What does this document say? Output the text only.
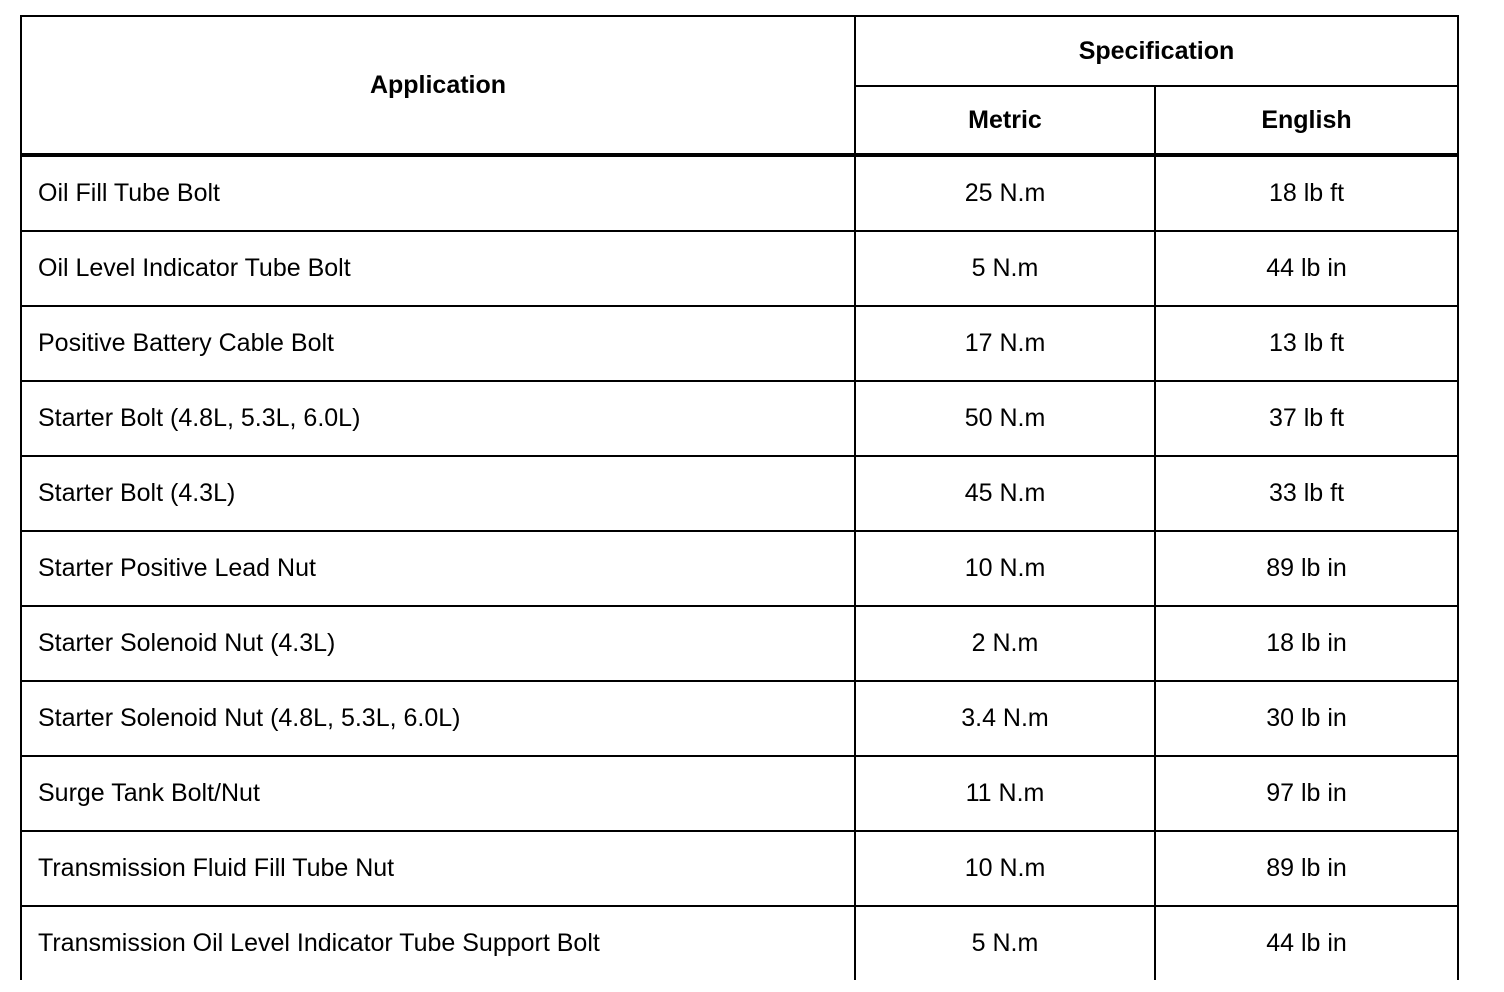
Application	Specification	
	Metric	English
Oil Fill Tube Bolt	25 N.m	18 lb ft
Oil Level Indicator Tube Bolt	5 N.m	44 lb in
Positive Battery Cable Bolt	17 N.m	13 lb ft
Starter Bolt (4.8L, 5.3L, 6.0L)	50 N.m	37 lb ft
Starter Bolt (4.3L)	45 N.m	33 lb ft
Starter Positive Lead Nut	10 N.m	89 lb in
Starter Solenoid Nut (4.3L)	2 N.m	18 lb in
Starter Solenoid Nut (4.8L, 5.3L, 6.0L)	3.4 N.m	30 lb in
Surge Tank Bolt/Nut	11 N.m	97 lb in
Transmission Fluid Fill Tube Nut	10 N.m	89 lb in
Transmission Oil Level Indicator Tube Support Bolt	5 N.m	44 lb in
